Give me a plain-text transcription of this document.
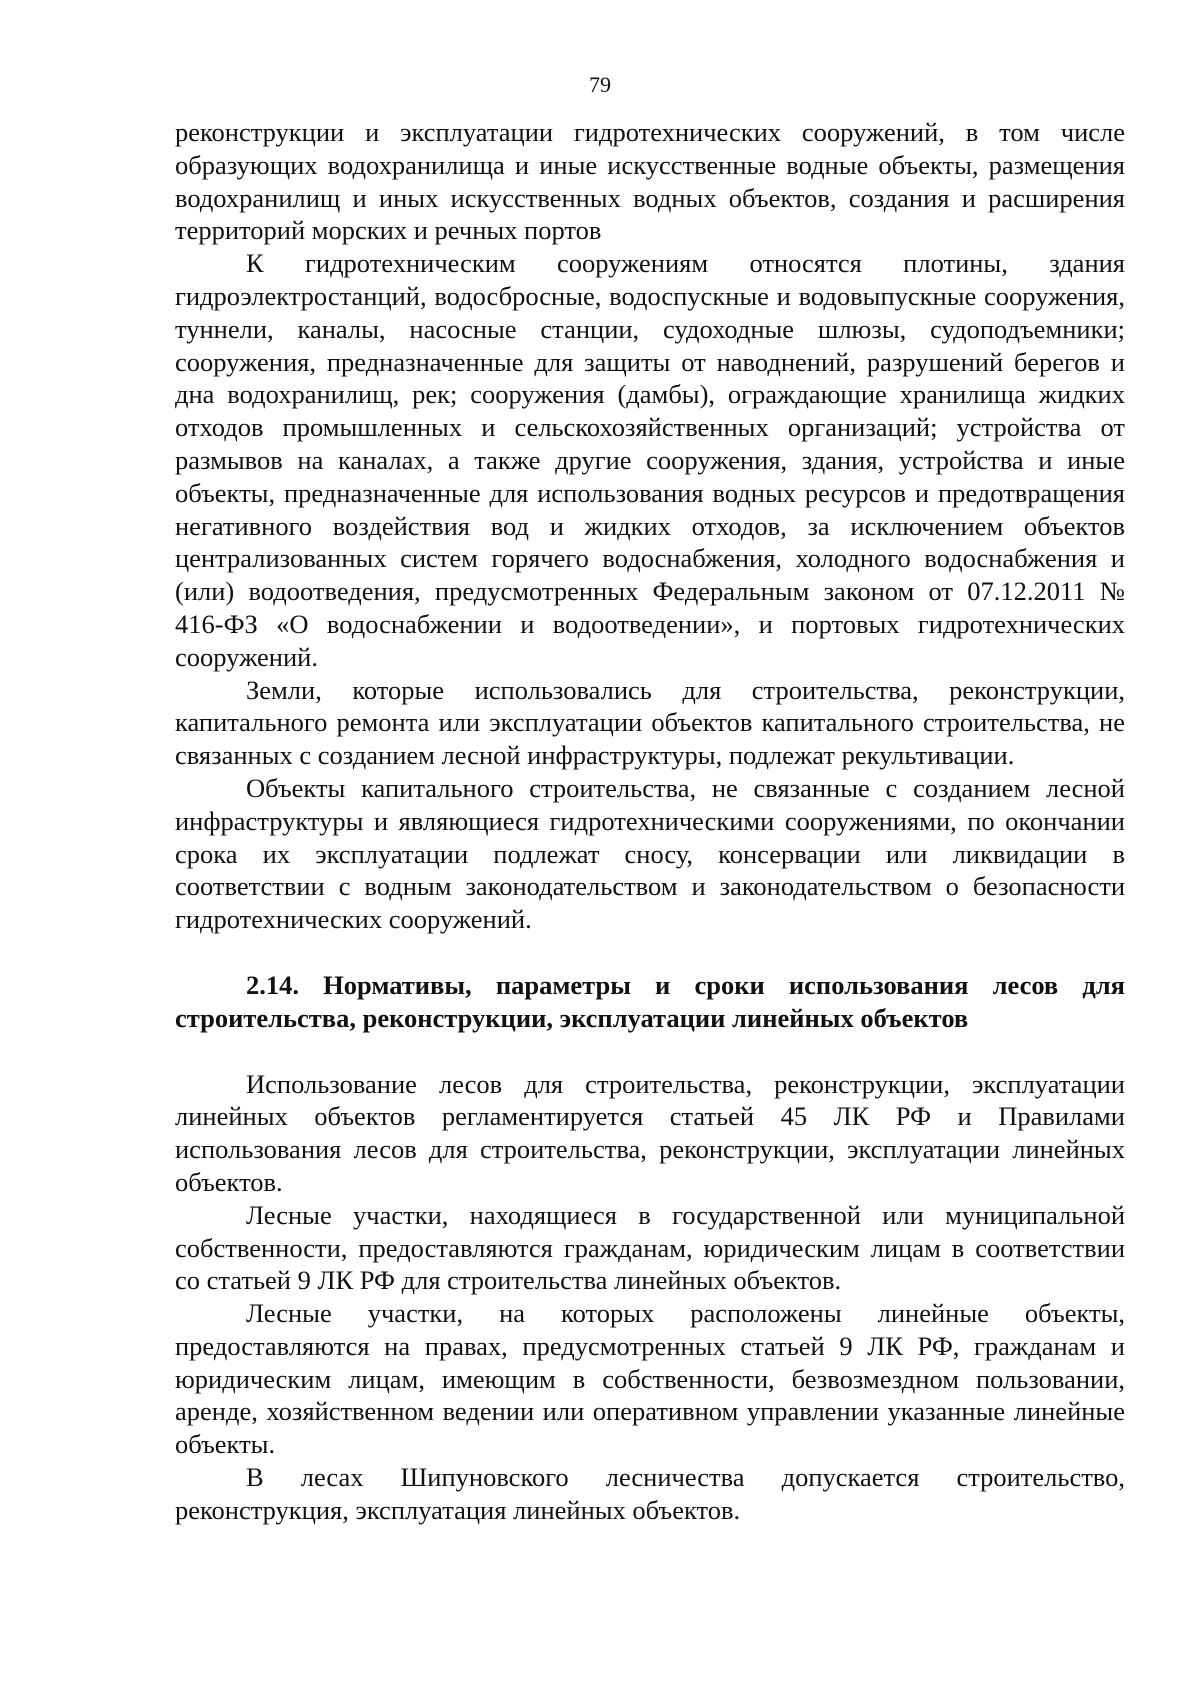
79

реконструкции и эксплуатации гидротехнических сооружений, в том числе образующих водохранилища и иные искусственные водные объекты, размещения водохранилищ и иных искусственных водных объектов, создания и расширения территорий морских и речных портов

К гидротехническим сооружениям относятся плотины, здания гидроэлектростанций, водосбросные, водоспускные и водовыпускные сооружения, туннели, каналы, насосные станции, судоходные шлюзы, судоподъемники; сооружения, предназначенные для защиты от наводнений, разрушений берегов и дна водохранилищ, рек; сооружения (дамбы), ограждающие хранилища жидких отходов промышленных и сельскохозяйственных организаций; устройства от размывов на каналах, а также другие сооружения, здания, устройства и иные объекты, предназначенные для использования водных ресурсов и предотвращения негативного воздействия вод и жидких отходов, за исключением объектов централизованных систем горячего водоснабжения, холодного водоснабжения и (или) водоотведения, предусмотренных Федеральным законом от 07.12.2011 № 416-ФЗ «О водоснабжении и водоотведении», и портовых гидротехнических сооружений.

Земли, которые использовались для строительства, реконструкции, капитального ремонта или эксплуатации объектов капитального строительства, не связанных с созданием лесной инфраструктуры, подлежат рекультивации.

Объекты капитального строительства, не связанные с созданием лесной инфраструктуры и являющиеся гидротехническими сооружениями, по окончании срока их эксплуатации подлежат сносу, консервации или ликвидации в соответствии с водным законодательством и законодательством о безопасности гидротехнических сооружений.

2.14. Нормативы, параметры и сроки использования лесов для строительства, реконструкции, эксплуатации линейных объектов

Использование лесов для строительства, реконструкции, эксплуатации линейных объектов регламентируется статьей 45 ЛК РФ и Правилами использования лесов для строительства, реконструкции, эксплуатации линейных объектов.

Лесные участки, находящиеся в государственной или муниципальной собственности, предоставляются гражданам, юридическим лицам в соответствии со статьей 9 ЛК РФ для строительства линейных объектов.

Лесные участки, на которых расположены линейные объекты, предоставляются на правах, предусмотренных статьей 9 ЛК РФ, гражданам и юридическим лицам, имеющим в собственности, безвозмездном пользовании, аренде, хозяйственном ведении или оперативном управлении указанные линейные объекты.

В лесах Шипуновского лесничества допускается строительство, реконструкция, эксплуатация линейных объектов.
